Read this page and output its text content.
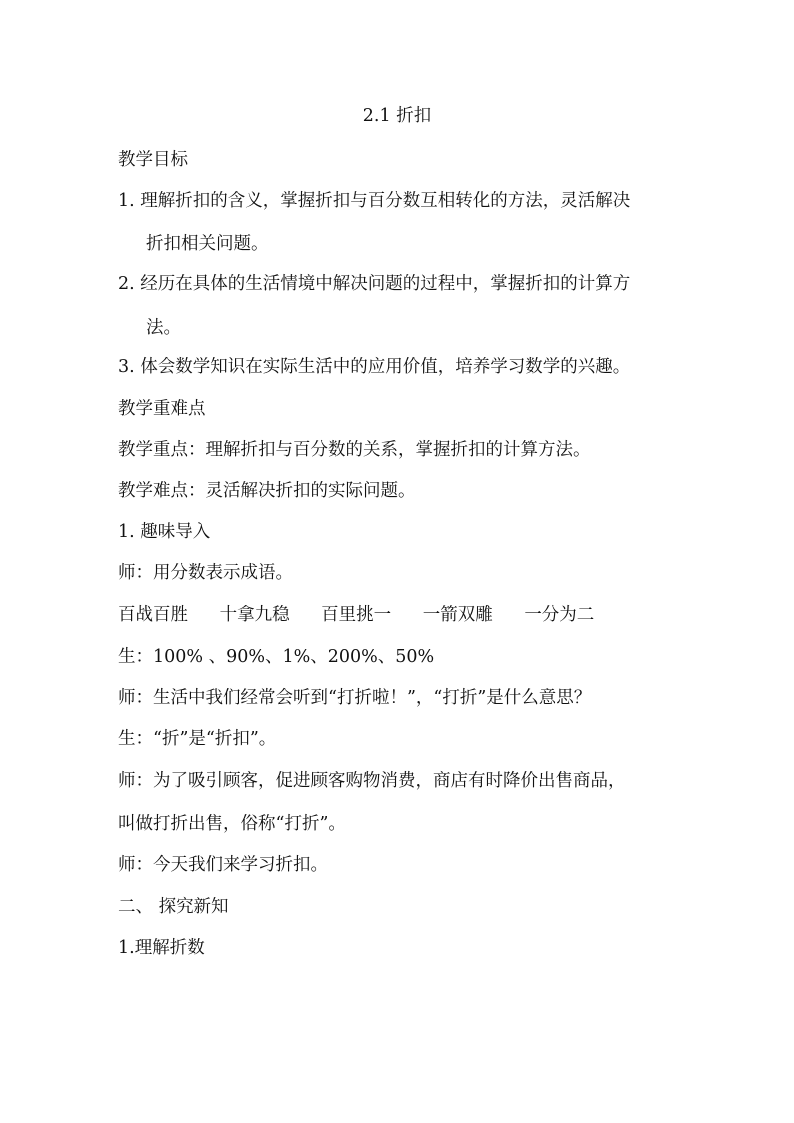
2.1 折扣
教学目标
1. 理解折扣的含义，掌握折扣与百分数互相转化的方法，灵活解决
折扣相关问题。
2. 经历在具体的生活情境中解决问题的过程中，掌握折扣的计算方
法。
3. 体会数学知识在实际生活中的应用价值，培养学习数学的兴趣。
教学重难点
教学重点：理解折扣与百分数的关系，掌握折扣的计算方法。
教学难点：灵活解决折扣的实际问题。
1. 趣味导入
师：用分数表示成语。
百战百胜 十拿九稳 百里挑一 一箭双雕 一分为二
生：100% 、90%、1%、200%、50%
师：生活中我们经常会听到“打折啦！”，“打折”是什么意思？
生：“折”是“折扣”。
师：为了吸引顾客，促进顾客购物消费，商店有时降价出售商品，
叫做打折出售，俗称“打折”。
师：今天我们来学习折扣。
二、 探究新知
1.理解折数
